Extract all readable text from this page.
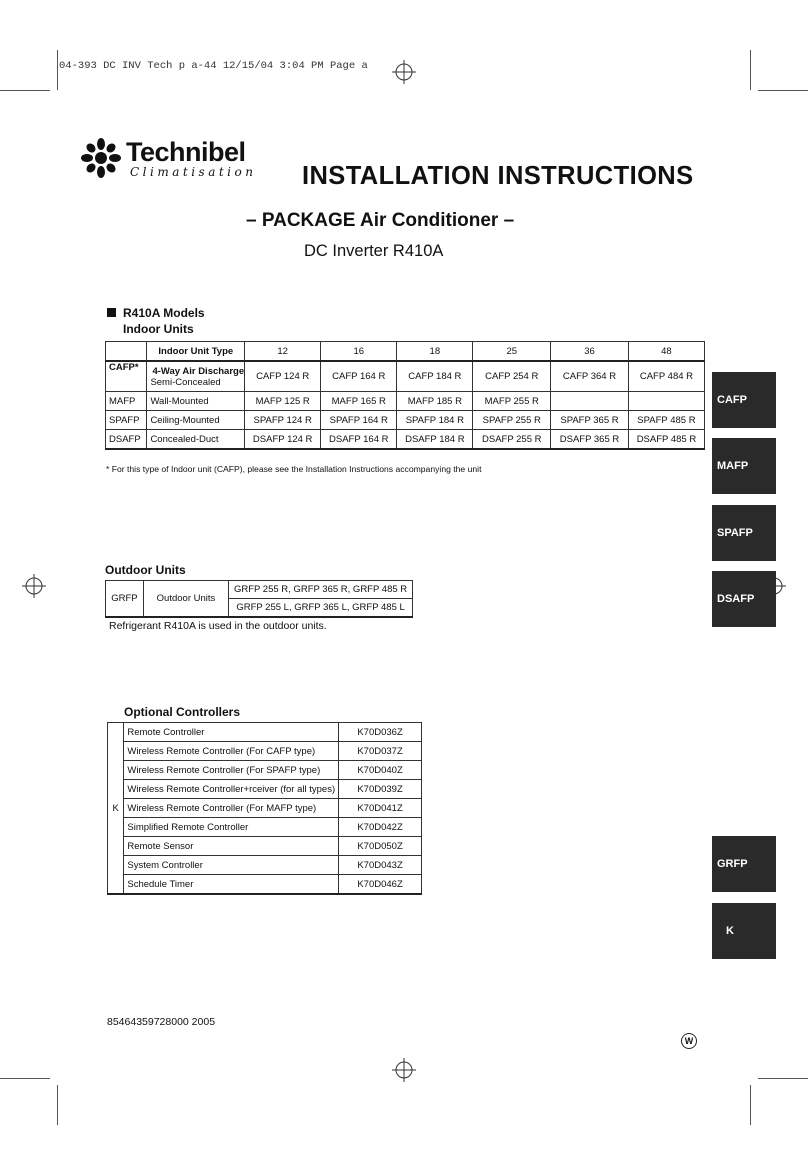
04-393 DC INV Tech p a-44 12/15/04 3:04 PM Page a
Technibel
Climatisation INSTALLATION INSTRUCTIONS
– PACKAGE Air Conditioner –
DC Inverter R410A
R410A Models
Indoor Units
	Indoor Unit Type	12	16	18	25	36	48
CAFP*	4-Way Air Discharge
Semi-Concealed	CAFP 124 R	CAFP 164 R	CAFP 184 R	CAFP 254 R	CAFP 364 R	CAFP 484 R
MAFP	Wall-Mounted	MAFP 125 R	MAFP 165 R	MAFP 185 R	MAFP 255 R		
SPAFP	Ceiling-Mounted	SPAFP 124 R	SPAFP 164 R	SPAFP 184 R	SPAFP 255 R	SPAFP 365 R	SPAFP 485 R
DSAFP	Concealed-Duct	DSAFP 124 R	DSAFP 164 R	DSAFP 184 R	DSAFP 255 R	DSAFP 365 R	DSAFP 485 R
* For this type of Indoor unit (CAFP), please see the Installation Instructions accompanying the unit
Outdoor Units
GRFP	Outdoor Units	GRFP 255 R, GRFP 365 R, GRFP 485 R
GRFP 255 L, GRFP 365 L, GRFP 485 L
Refrigerant R410A is used in the outdoor units.
Optional Controllers
K	Remote Controller	K70D036Z
	Wireless Remote Controller (For CAFP type)	K70D037Z
	Wireless Remote Controller (For SPAFP type)	K70D040Z
	Wireless Remote Controller+rceiver (for all types)	K70D039Z
	Wireless Remote Controller (For MAFP type)	K70D041Z
	Simplified Remote Controller	K70D042Z
	Remote Sensor	K70D050Z
	System Controller	K70D043Z
	Schedule Timer	K70D046Z
CAFP
MAFP
SPAFP
DSAFP
GRFP
K
85464359728000 2005
W
